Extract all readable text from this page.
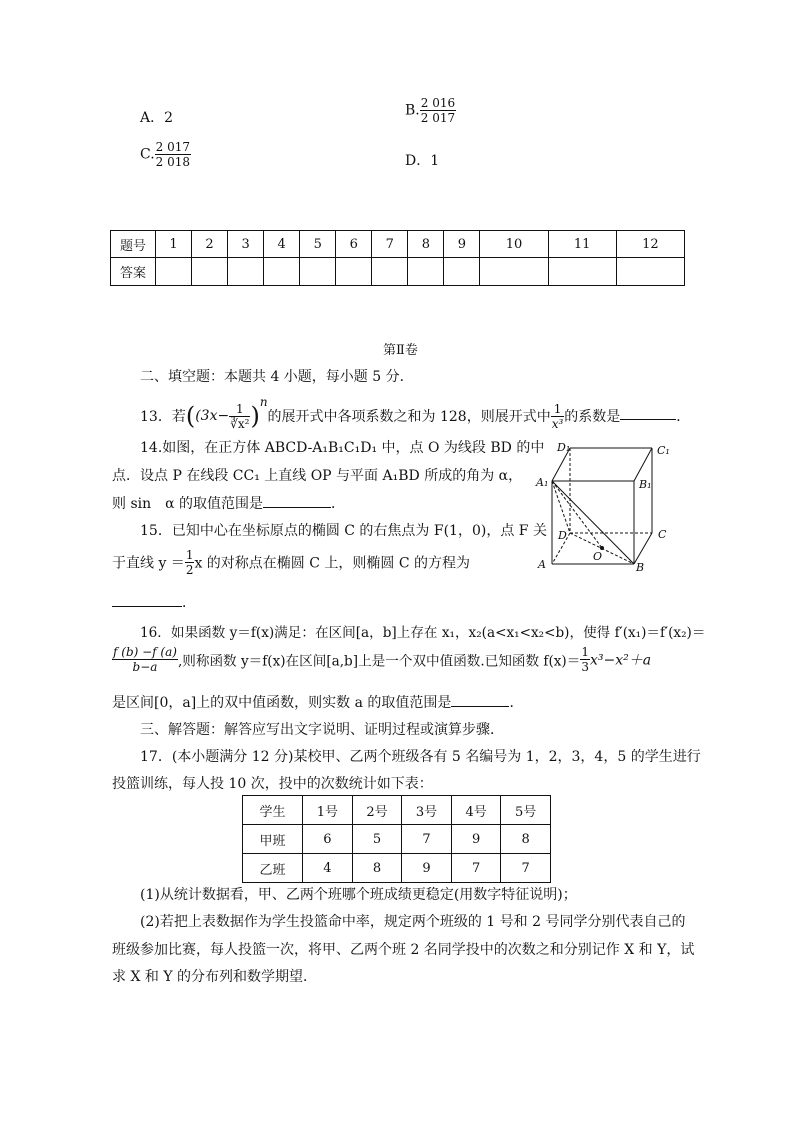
A．2	B. $\frac{2 016}{2 017}$
C. $\frac{2 017}{2 018}$	D．1
题号	1	2	3	4	5	6	7	8	9	10	11	12
答案												
第Ⅱ卷
二、填空题：本题共 4 小题，每小题 5 分．
13．若($(3x- \frac{1}{\text{∛x²}} )^n$的展开式中各项系数之和为 128，则展开式中 $\frac{1}{\text{x³}}$ 的系数是	．
14.如图，在正方体 ABCD-A₁B₁C₁D₁ 中，点 O 为线段 BD 的中
点．设点 P 在线段 CC₁ 上直线 OP 与平面 A₁BD 所成的角为 α，
则 sin　α 的取值范围是	．
15．已知中心在坐标原点的椭圆 C 的右焦点为 F(1，0)，点 F 关
于直线 $y = \frac{1}{2}$ x 的对称点在椭圆 C 上，则椭圆 C 的方程为
．
D₁	C₁
A₁	B₁
D	C
A	B
O
16．如果函数 y＝f(x)满足：在区间[a，b]上存在 x₁，x₂(a<x₁<x₂<b)，使得 f′(x₁)＝f′(x₂)＝
$\frac{f (b) -f (a)}{b-a}$ ,则称函数 y＝f(x)在区间[a,b]上是一个双中值函数.已知函数 $f(x)= \frac{1}{3} x^3-x^2+a$
是区间[0，a]上的双中值函数，则实数 a 的取值范围是	．
三、解答题：解答应写出文字说明、证明过程或演算步骤．
17．(本小题满分 12 分)某校甲、乙两个班级各有 5 名编号为 1，2，3，4，5 的学生进行
投篮训练，每人投 10 次，投中的次数统计如下表：
学生	1号	2号	3号	4号	5号
甲班	6	5	7	9	8
乙班	4	8	9	7	7
(1)从统计数据看，甲、乙两个班哪个班成绩更稳定(用数字特征说明)；
(2)若把上表数据作为学生投篮命中率，规定两个班级的 1 号和 2 号同学分别代表自己的
班级参加比赛，每人投篮一次，将甲、乙两个班 2 名同学投中的次数之和分别记作 X 和 Y，试
求 X 和 Y 的分布列和数学期望．
